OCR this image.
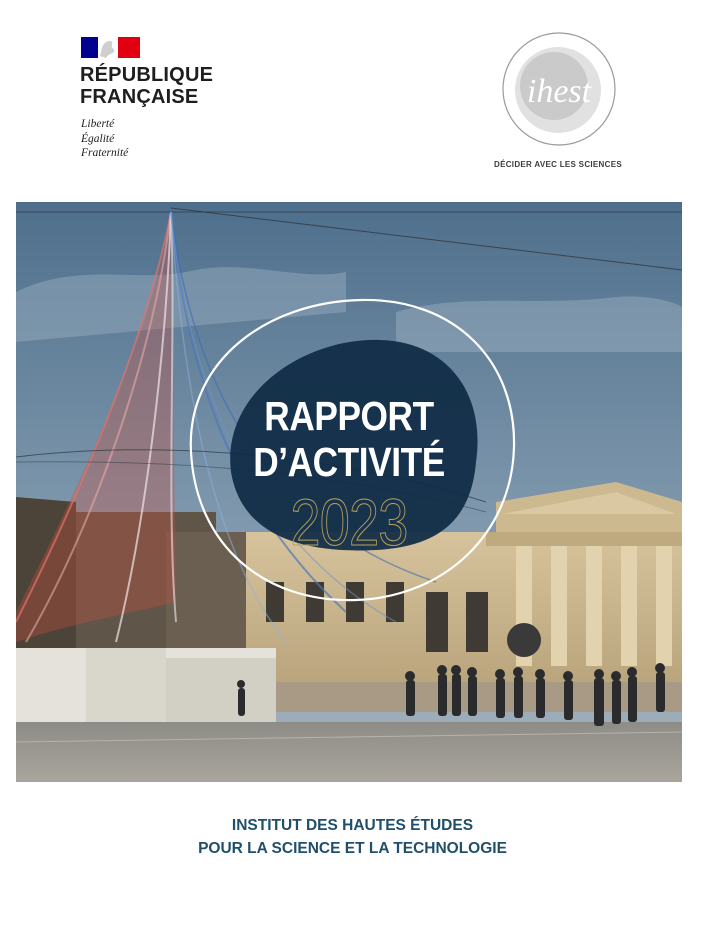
RÉPUBLIQUE
FRANÇAISE

Liberté
Égalité
Fraternité

ihest
DÉCIDER AVEC LES SCIENCES
RAPPORT
D’ACTIVITÉ
2023
INSTITUT DES HAUTES ÉTUDES
POUR LA SCIENCE ET LA TECHNOLOGIE
